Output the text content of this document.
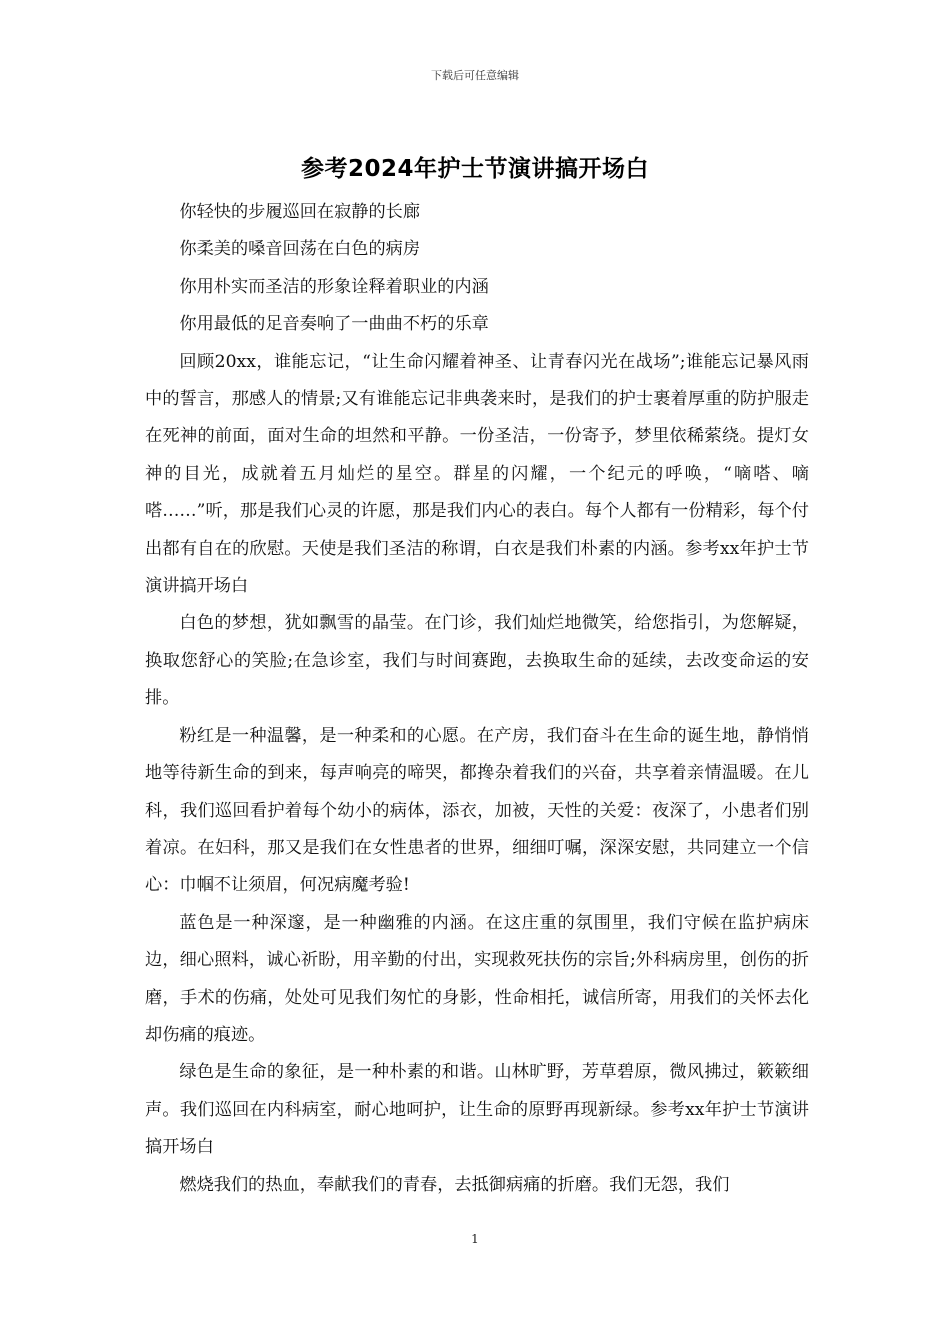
下载后可任意编辑
参考2024年护士节演讲搞开场白

你轻快的步履巡回在寂静的长廊

你柔美的嗓音回荡在白色的病房

你用朴实而圣洁的形象诠释着职业的内涵

你用最低的足音奏响了一曲曲不朽的乐章

回顾20xx，谁能忘记，“让生命闪耀着神圣、让青春闪光在战场”;谁能忘记暴风雨中的誓言，那感人的情景;又有谁能忘记非典袭来时，是我们的护士裹着厚重的防护服走在死神的前面，面对生命的坦然和平静。一份圣洁，一份寄予，梦里依稀萦绕。提灯女神的目光，成就着五月灿烂的星空。群星的闪耀，一个纪元的呼唤，“嘀嗒、嘀嗒……”听，那是我们心灵的许愿，那是我们内心的表白。每个人都有一份精彩，每个付出都有自在的欣慰。天使是我们圣洁的称谓，白衣是我们朴素的内涵。参考xx年护士节演讲搞开场白

白色的梦想，犹如飘雪的晶莹。在门诊，我们灿烂地微笑，给您指引，为您解疑，换取您舒心的笑脸;在急诊室，我们与时间赛跑，去换取生命的延续，去改变命运的安排。

粉红是一种温馨，是一种柔和的心愿。在产房，我们奋斗在生命的诞生地，静悄悄地等待新生命的到来，每声响亮的啼哭，都搀杂着我们的兴奋，共享着亲情温暖。在儿科，我们巡回看护着每个幼小的病体，添衣，加被，天性的关爱：夜深了，小患者们别着凉。在妇科，那又是我们在女性患者的世界，细细叮嘱，深深安慰，共同建立一个信心：巾帼不让须眉，何况病魔考验!

蓝色是一种深邃，是一种幽雅的内涵。在这庄重的氛围里，我们守候在监护病床边，细心照料，诚心祈盼，用辛勤的付出，实现救死扶伤的宗旨;外科病房里，创伤的折磨，手术的伤痛，处处可见我们匆忙的身影，性命相托，诚信所寄，用我们的关怀去化却伤痛的痕迹。

绿色是生命的象征，是一种朴素的和谐。山林旷野，芳草碧原，微风拂过，簌簌细声。我们巡回在内科病室，耐心地呵护，让生命的原野再现新绿。参考xx年护士节演讲搞开场白

燃烧我们的热血，奉献我们的青春，去抵御病痛的折磨。我们无怨，我们

1
